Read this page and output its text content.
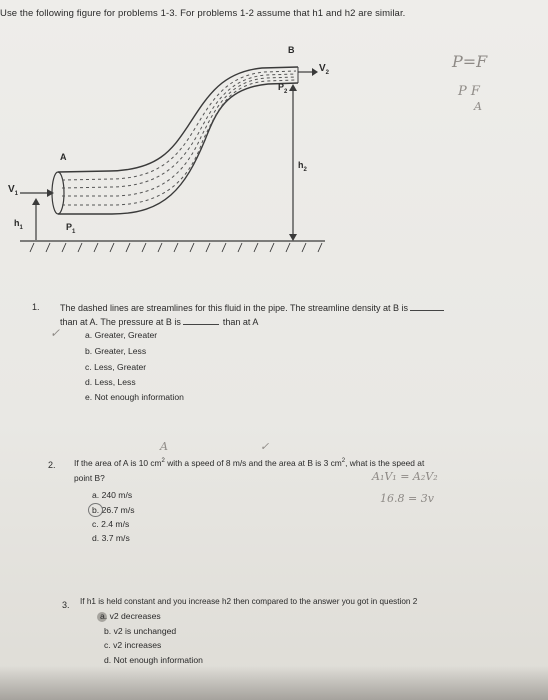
Use the following figure for problems 1-3. For problems 1-2 assume that h1 and h2 are similar.
B
$V_2$
$P_2$
A
$h_2$
$V_1$
$h_1$	$P_1$
P=F
P F
A
1. The dashed lines are streamlines for this fluid in the pipe. The streamline density at B is
than at A. The pressure at B is	than at A
✓	a. Greater, Greater
b. Greater, Less
c. Less, Greater
d. Less, Less
e. Not enough information
A	✓
2. If the area of A is 10 $cm^2$ with a speed of 8 m/s and the area at B is 3 $cm^2$, what is the speed at
point B?
a. 240 m/s
b. 26.7 m/s
c. 2.4 m/s
d. 3.7 m/s
A₁V₁ = A₂V₂
16.8 = 3v
3. If h1 is held constant and you increase h2 then compared to the answer you got in question 2
a. v2 decreases
b. v2 is unchanged
c. v2 increases
d. Not enough information
